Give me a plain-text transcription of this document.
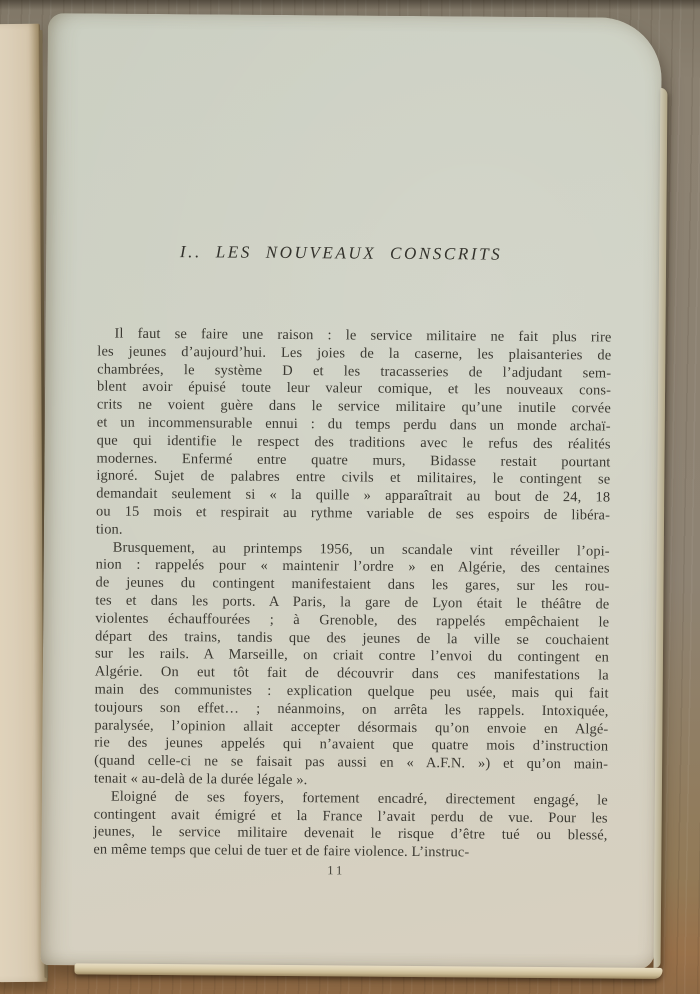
I.. LES NOUVEAUX CONSCRITS
Il faut se faire une raison : le service militaire ne fait plus rire
les jeunes d’aujourd’hui. Les joies de la caserne, les plaisanteries de
chambrées, le système D et les tracasseries de l’adjudant sem-
blent avoir épuisé toute leur valeur comique, et les nouveaux cons-
crits ne voient guère dans le service militaire qu’une inutile corvée
et un incommensurable ennui : du temps perdu dans un monde archaï-
que qui identifie le respect des traditions avec le refus des réalités
modernes. Enfermé entre quatre murs, Bidasse restait pourtant
ignoré. Sujet de palabres entre civils et militaires, le contingent se
demandait seulement si « la quille » apparaîtrait au bout de 24, 18
ou 15 mois et respirait au rythme variable de ses espoirs de libéra-
tion.
Brusquement, au printemps 1956, un scandale vint réveiller l’opi-
nion : rappelés pour « maintenir l’ordre » en Algérie, des centaines
de jeunes du contingent manifestaient dans les gares, sur les rou-
tes et dans les ports. A Paris, la gare de Lyon était le théâtre de
violentes échauffourées ; à Grenoble, des rappelés empêchaient le
départ des trains, tandis que des jeunes de la ville se couchaient
sur les rails. A Marseille, on criait contre l’envoi du contingent en
Algérie. On eut tôt fait de découvrir dans ces manifestations la
main des communistes : explication quelque peu usée, mais qui fait
toujours son effet… ; néanmoins, on arrêta les rappels. Intoxiquée,
paralysée, l’opinion allait accepter désormais qu’on envoie en Algé-
rie des jeunes appelés qui n’avaient que quatre mois d’instruction
(quand celle-ci ne se faisait pas aussi en « A.F.N. ») et qu’on main-
tenait « au-delà de la durée légale ».
Eloigné de ses foyers, fortement encadré, directement engagé, le
contingent avait émigré et la France l’avait perdu de vue. Pour les
jeunes, le service militaire devenait le risque d’être tué ou blessé,
en même temps que celui de tuer et de faire violence. L’instruc-
11
